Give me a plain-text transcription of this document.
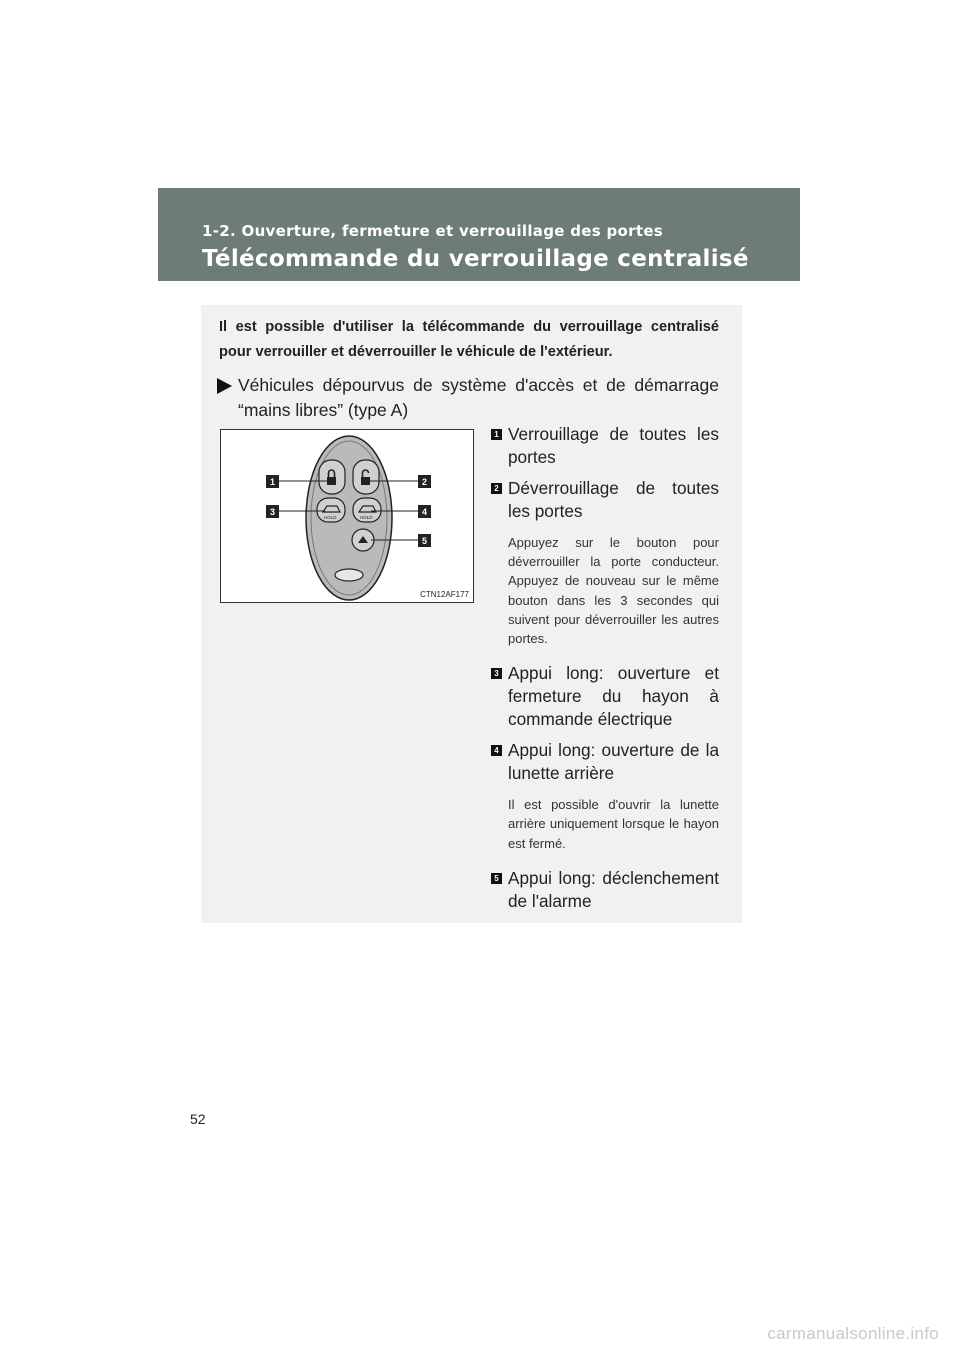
1-2. Ouverture, fermeture et verrouillage des portes
Télécommande du verrouillage centralisé
Il est possible d'utiliser la télécommande du verrouillage centralisé pour verrouiller et déverrouiller le véhicule de l'extérieur.
Véhicules dépourvus de système d'accès et de démarrage “mains libres” (type A)
HOLD	HOLD
1	2
3	4
5
CTN12AF177
1 Verrouillage de toutes les portes
2 Déverrouillage de toutes les portes
Appuyez sur le bouton pour déverrouiller la porte conducteur. Appuyez de nouveau sur le même bouton dans les 3 secondes qui suivent pour déverrouiller les autres portes.
3 Appui long: ouverture et fermeture du hayon à commande électrique
4 Appui long: ouverture de la lunette arrière
Il est possible d'ouvrir la lunette arrière uniquement lorsque le hayon est fermé.
5 Appui long: déclenchement de l'alarme
52
carmanualsonline.info
